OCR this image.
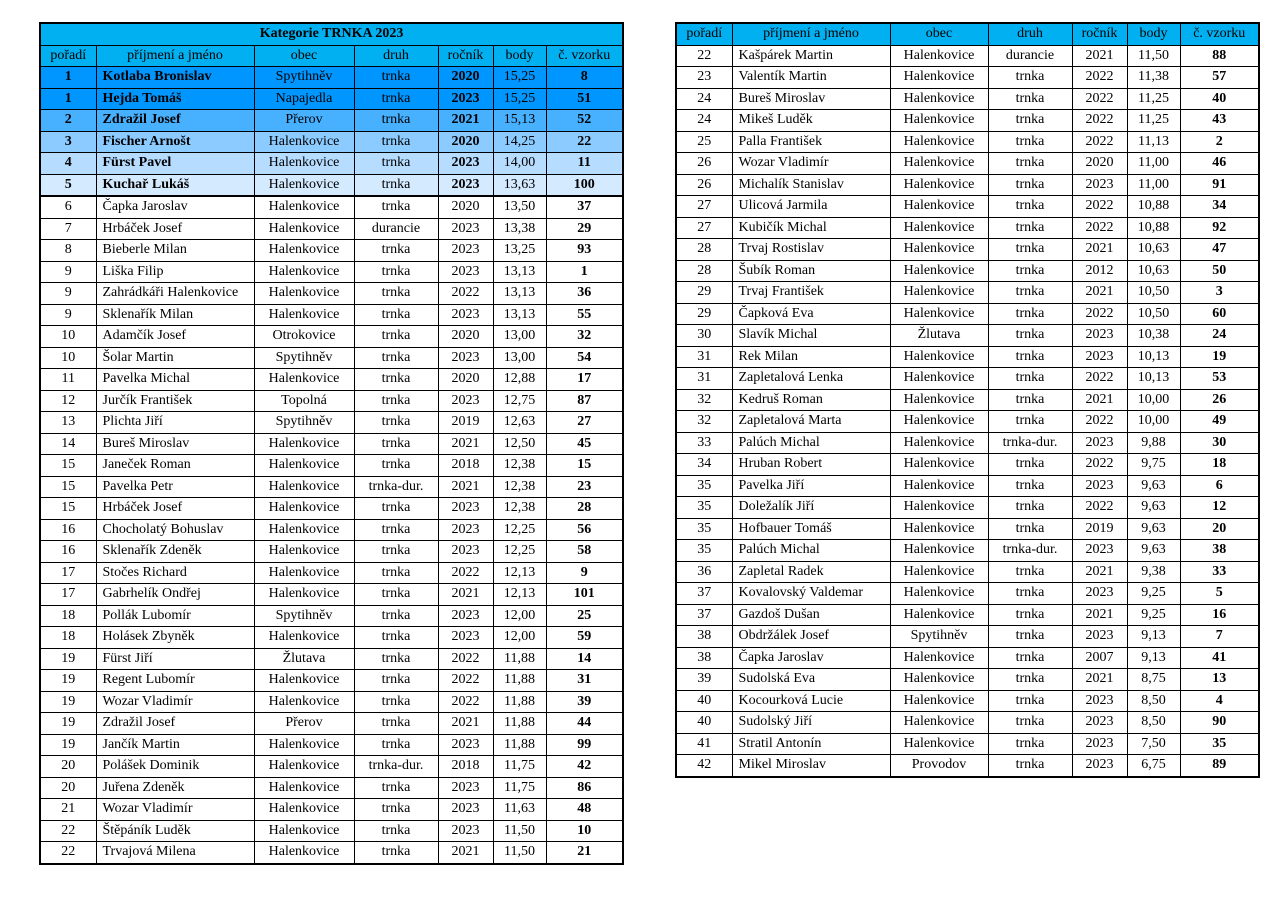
Kategorie TRNKA 2023						
pořadí	příjmení a jméno	obec	druh	ročník	body	č. vzorku
1	Kotlaba Bronislav	Spytihněv	trnka	2020	15,25	8
1	Hejda Tomáš	Napajedla	trnka	2023	15,25	51
2	Zdražil Josef	Přerov	trnka	2021	15,13	52
3	Fischer Arnošt	Halenkovice	trnka	2020	14,25	22
4	Fürst Pavel	Halenkovice	trnka	2023	14,00	11
5	Kuchař Lukáš	Halenkovice	trnka	2023	13,63	100
6	Čapka Jaroslav	Halenkovice	trnka	2020	13,50	37
7	Hrbáček Josef	Halenkovice	durancie	2023	13,38	29
8	Bieberle Milan	Halenkovice	trnka	2023	13,25	93
9	Liška Filip	Halenkovice	trnka	2023	13,13	1
9	Zahrádkáři Halenkovice	Halenkovice	trnka	2022	13,13	36
9	Sklenařík Milan	Halenkovice	trnka	2023	13,13	55
10	Adamčík Josef	Otrokovice	trnka	2020	13,00	32
10	Šolar Martin	Spytihněv	trnka	2023	13,00	54
11	Pavelka Michal	Halenkovice	trnka	2020	12,88	17
12	Jurčík František	Topolná	trnka	2023	12,75	87
13	Plichta Jiří	Spytihněv	trnka	2019	12,63	27
14	Bureš Miroslav	Halenkovice	trnka	2021	12,50	45
15	Janeček Roman	Halenkovice	trnka	2018	12,38	15
15	Pavelka Petr	Halenkovice	trnka-dur.	2021	12,38	23
15	Hrbáček Josef	Halenkovice	trnka	2023	12,38	28
16	Chocholatý Bohuslav	Halenkovice	trnka	2023	12,25	56
16	Sklenařík Zdeněk	Halenkovice	trnka	2023	12,25	58
17	Stočes Richard	Halenkovice	trnka	2022	12,13	9
17	Gabrhelík Ondřej	Halenkovice	trnka	2021	12,13	101
18	Pollák Lubomír	Spytihněv	trnka	2023	12,00	25
18	Holásek Zbyněk	Halenkovice	trnka	2023	12,00	59
19	Fürst Jiří	Žlutava	trnka	2022	11,88	14
19	Regent Lubomír	Halenkovice	trnka	2022	11,88	31
19	Wozar Vladimír	Halenkovice	trnka	2022	11,88	39
19	Zdražil Josef	Přerov	trnka	2021	11,88	44
19	Jančík Martin	Halenkovice	trnka	2023	11,88	99
20	Polášek Dominik	Halenkovice	trnka-dur.	2018	11,75	42
20	Juřena Zdeněk	Halenkovice	trnka	2023	11,75	86
21	Wozar Vladimír	Halenkovice	trnka	2023	11,63	48
22	Štěpáník Luděk	Halenkovice	trnka	2023	11,50	10
22	Trvajová Milena	Halenkovice	trnka	2021	11,50	21
pořadí	příjmení a jméno	obec	druh	ročník	body	č. vzorku
22	Kašpárek Martin	Halenkovice	durancie	2021	11,50	88
23	Valentík Martin	Halenkovice	trnka	2022	11,38	57
24	Bureš Miroslav	Halenkovice	trnka	2022	11,25	40
24	Mikeš Luděk	Halenkovice	trnka	2022	11,25	43
25	Palla František	Halenkovice	trnka	2022	11,13	2
26	Wozar Vladimír	Halenkovice	trnka	2020	11,00	46
26	Michalík Stanislav	Halenkovice	trnka	2023	11,00	91
27	Ulicová Jarmila	Halenkovice	trnka	2022	10,88	34
27	Kubičík Michal	Halenkovice	trnka	2022	10,88	92
28	Trvaj Rostislav	Halenkovice	trnka	2021	10,63	47
28	Šubík Roman	Halenkovice	trnka	2012	10,63	50
29	Trvaj František	Halenkovice	trnka	2021	10,50	3
29	Čapková Eva	Halenkovice	trnka	2022	10,50	60
30	Slavík Michal	Žlutava	trnka	2023	10,38	24
31	Rek Milan	Halenkovice	trnka	2023	10,13	19
31	Zapletalová Lenka	Halenkovice	trnka	2022	10,13	53
32	Kedruš Roman	Halenkovice	trnka	2021	10,00	26
32	Zapletalová Marta	Halenkovice	trnka	2022	10,00	49
33	Palúch Michal	Halenkovice	trnka-dur.	2023	9,88	30
34	Hruban Robert	Halenkovice	trnka	2022	9,75	18
35	Pavelka Jiří	Halenkovice	trnka	2023	9,63	6
35	Doležalík Jiří	Halenkovice	trnka	2022	9,63	12
35	Hofbauer Tomáš	Halenkovice	trnka	2019	9,63	20
35	Palúch Michal	Halenkovice	trnka-dur.	2023	9,63	38
36	Zapletal Radek	Halenkovice	trnka	2021	9,38	33
37	Kovalovský Valdemar	Halenkovice	trnka	2023	9,25	5
37	Gazdoš Dušan	Halenkovice	trnka	2021	9,25	16
38	Obdržálek Josef	Spytihněv	trnka	2023	9,13	7
38	Čapka Jaroslav	Halenkovice	trnka	2007	9,13	41
39	Sudolská Eva	Halenkovice	trnka	2021	8,75	13
40	Kocourková Lucie	Halenkovice	trnka	2023	8,50	4
40	Sudolský Jiří	Halenkovice	trnka	2023	8,50	90
41	Stratil Antonín	Halenkovice	trnka	2023	7,50	35
42	Mikel Miroslav	Provodov	trnka	2023	6,75	89
